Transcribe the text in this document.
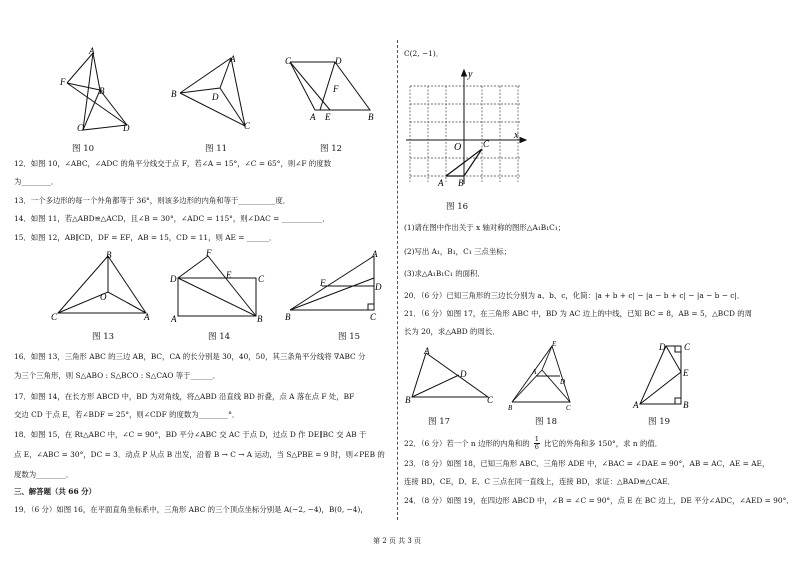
A
F
B
C	D
图 10
A
B	D
C
图 11
C	D
F
A E	B
图 12
12．如图 10，∠ABC，∠ADC 的角平分线交于点 F，若∠A = 15°，∠C = 65°，则∠F 的度数
为________．
13．一个多边形的每一个外角都等于 36°，则该多边形的内角和等于__________度．
14．如图 11，若△ABD≌△ACD，且∠B = 30°，∠ADC = 115°，则∠DAC = ___________．
15．如图 12，AB∥CD，DF = EF，AB = 15，CD = 11，则 AE = ______．
B
O
C	A
图 13
F
E
D	C
A	B
图 14
A
F	D
B	C
图 15
16．如图 13，三角形 ABC 的三边 AB，BC，CA 的长分别是 30，40，50，其三条角平分线将 ∇ABC 分
为三个三角形，则 S△ABO : S△BCO : S△CAO 等于______．
17．如图 14，在长方形 ABCD 中，BD 为对角线，将△ABD 沿直线 BD 折叠，点 A 落在点 F 处，BF
交边 CD 于点 E，若∠BDF = 25°，则∠CDF 的度数为________°．
18．如图 15，在 Rt△ABC 中，∠C = 90°，BD 平分∠ABC 交 AC 于点 D，过点 D 作 DE∥BC 交 AB 于
点 E，∠ABC = 30°，DC = 3．动点 P 从点 B 出发，沿着 B → C → A 运动，当 S△PBE = 9 时，则∠PEB 的
度数为________．
三、解答题（共 66 分）
19．（6 分）如图 16，在平面直角坐标系中，三角形 ABC 的三个顶点坐标分别是 A(−2, −4)，B(0, −4)，
C(2, −1)．
x
y
O C
A B
图 16
(1)请在图中作出关于 x 轴对称的图形△A₁B₁C₁；
(2)写出 A₁，B₁，C₁ 三点坐标；
(3)求△A₁B₁C₁ 的面积．
20．（6 分）已知三角形的三边长分别为 a、b、c，化简：|a + b + c| − |a − b + c| − |a − b − c|．
21．（6 分）如图 17，在三角形 ABC 中，BD 为 AC 边上的中线，已知 BC = 8，AB = 5，△BCD 的周
长为 20，求△ABD 的周长．
A
D
B	C
图 17
E
A
D
B	C
图 18
D C
E
A	B
图 19
22．（6 分）若一个 n 边形的内角和的 $\frac{1}{6}$ 比它的外角和多 150°，求 n 的值．
23．（8 分）如图 18，已知三角形 ABC、三角形 ADE 中，∠BAC = ∠DAE = 90°，AB = AC，AE = AE，
连接 BD，CE，D、E、C 三点在同一直线上，连接 BD，求证：△BAD≌△CAE．
24．（8 分）如图 19，在四边形 ABCD 中，∠B = ∠C = 90°，点 E 在 BC 边上，DE 平分∠ADC，∠AED = 90°．
第 2 页 共 3 页
